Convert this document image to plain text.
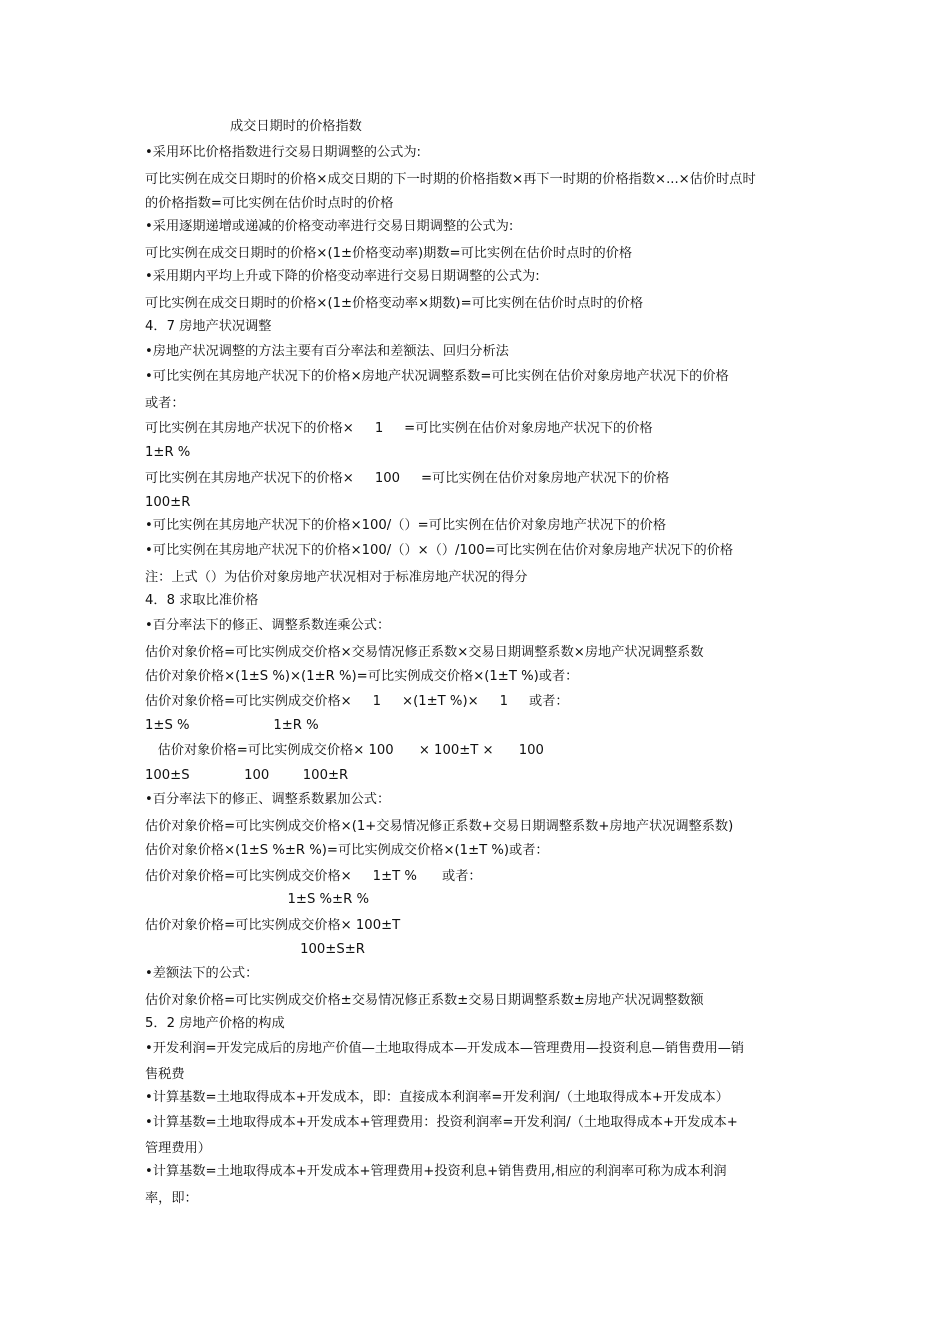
成交日期时的价格指数
•采用环比价格指数进行交易日期调整的公式为:
可比实例在成交日期时的价格×成交日期的下一时期的价格指数×再下一时期的价格指数×...×估价时点时
的价格指数=可比实例在估价时点时的价格
•采用逐期递增或递减的价格变动率进行交易日期调整的公式为:
可比实例在成交日期时的价格×(1±价格变动率)期数=可比实例在估价时点时的价格
•采用期内平均上升或下降的价格变动率进行交易日期调整的公式为:
可比实例在成交日期时的价格×(1±价格变动率×期数)=可比实例在估价时点时的价格
4．7 房地产状况调整
•房地产状况调整的方法主要有百分率法和差额法、回归分析法
•可比实例在其房地产状况下的价格×房地产状况调整系数=可比实例在估价对象房地产状况下的价格
或者：
可比实例在其房地产状况下的价格×     1     =可比实例在估价对象房地产状况下的价格
1±R %
可比实例在其房地产状况下的价格×     100     =可比实例在估价对象房地产状况下的价格
100±R
•可比实例在其房地产状况下的价格×100/（）=可比实例在估价对象房地产状况下的价格
•可比实例在其房地产状况下的价格×100/（）×（）/100=可比实例在估价对象房地产状况下的价格
注：上式（）为估价对象房地产状况相对于标准房地产状况的得分
4．8 求取比准价格
•百分率法下的修正、调整系数连乘公式：
估价对象价格=可比实例成交价格×交易情况修正系数×交易日期调整系数×房地产状况调整系数
估价对象价格×(1±S %)×(1±R %)=可比实例成交价格×(1±T %)或者：
估价对象价格=可比实例成交价格×     1     ×(1±T %)×     1     或者：
1±S %                    1±R %
估价对象价格=可比实例成交价格× 100      × 100±T ×      100
100±S             100        100±R
•百分率法下的修正、调整系数累加公式：
估价对象价格=可比实例成交价格×(1+交易情况修正系数+交易日期调整系数+房地产状况调整系数)
估价对象价格×(1±S %±R %)=可比实例成交价格×(1±T %)或者：
估价对象价格=可比实例成交价格×     1±T %      或者：
1±S %±R %
估价对象价格=可比实例成交价格× 100±T
100±S±R
•差额法下的公式：
估价对象价格=可比实例成交价格±交易情况修正系数±交易日期调整系数±房地产状况调整数额
5．2 房地产价格的构成
•开发利润=开发完成后的房地产价值—土地取得成本—开发成本—管理费用—投资利息—销售费用—销
售税费
•计算基数=土地取得成本+开发成本，即：直接成本利润率=开发利润/（土地取得成本+开发成本）
•计算基数=土地取得成本+开发成本+管理费用：投资利润率=开发利润/（土地取得成本+开发成本+
管理费用）
•计算基数=土地取得成本+开发成本+管理费用+投资利息+销售费用,相应的利润率可称为成本利润
率，即：
